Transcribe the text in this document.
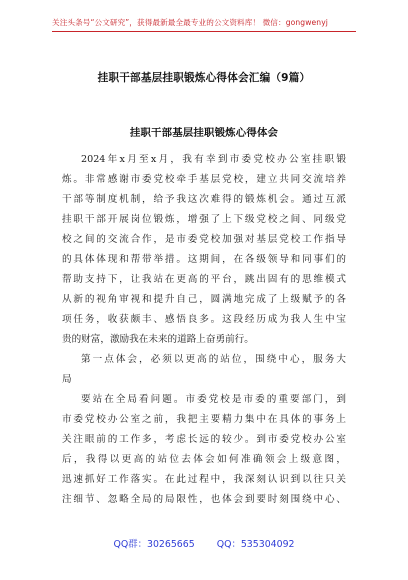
关注头条号“公文研究”，获得最新最全最专业的公文资料库！ 微信：gongwenyj
挂职干部基层挂职锻炼心得体会汇编（9篇）
挂职干部基层挂职锻炼心得体会
2024年x月至x月，我有幸到市委党校办公室挂职锻
炼。非常感谢市委党校牵手基层党校，建立共同交流培养
干部等制度机制，给予我这次难得的锻炼机会。通过互派
挂职干部开展岗位锻炼，增强了上下级党校之间、同级党
校之间的交流合作，是市委党校加强对基层党校工作指导
的具体体现和帮带举措。这期间，在各级领导和同事们的
帮助支持下，让我站在更高的平台，跳出固有的思维模式
从新的视角审视和提升自己，圆满地完成了上级赋予的各
项任务，收获颇丰、感悟良多。这段经历成为我人生中宝
贵的财富，激励我在未来的道路上奋勇前行。
第一点体会，必须以更高的站位，围绕中心，服务大
局
要站在全局看问题。市委党校是市委的重要部门，到
市委党校办公室之前，我把主要精力集中在具体的事务上
关注眼前的工作多，考虑长远的较少。到市委党校办公室
后，我得以更高的站位去体会如何准确领会上级意图，
迅速抓好工作落实。在此过程中，我深刻认识到以往只关
注细节、忽略全局的局限性，也体会到要时刻围绕中心、
QQ群：30265665 QQ：535304092
